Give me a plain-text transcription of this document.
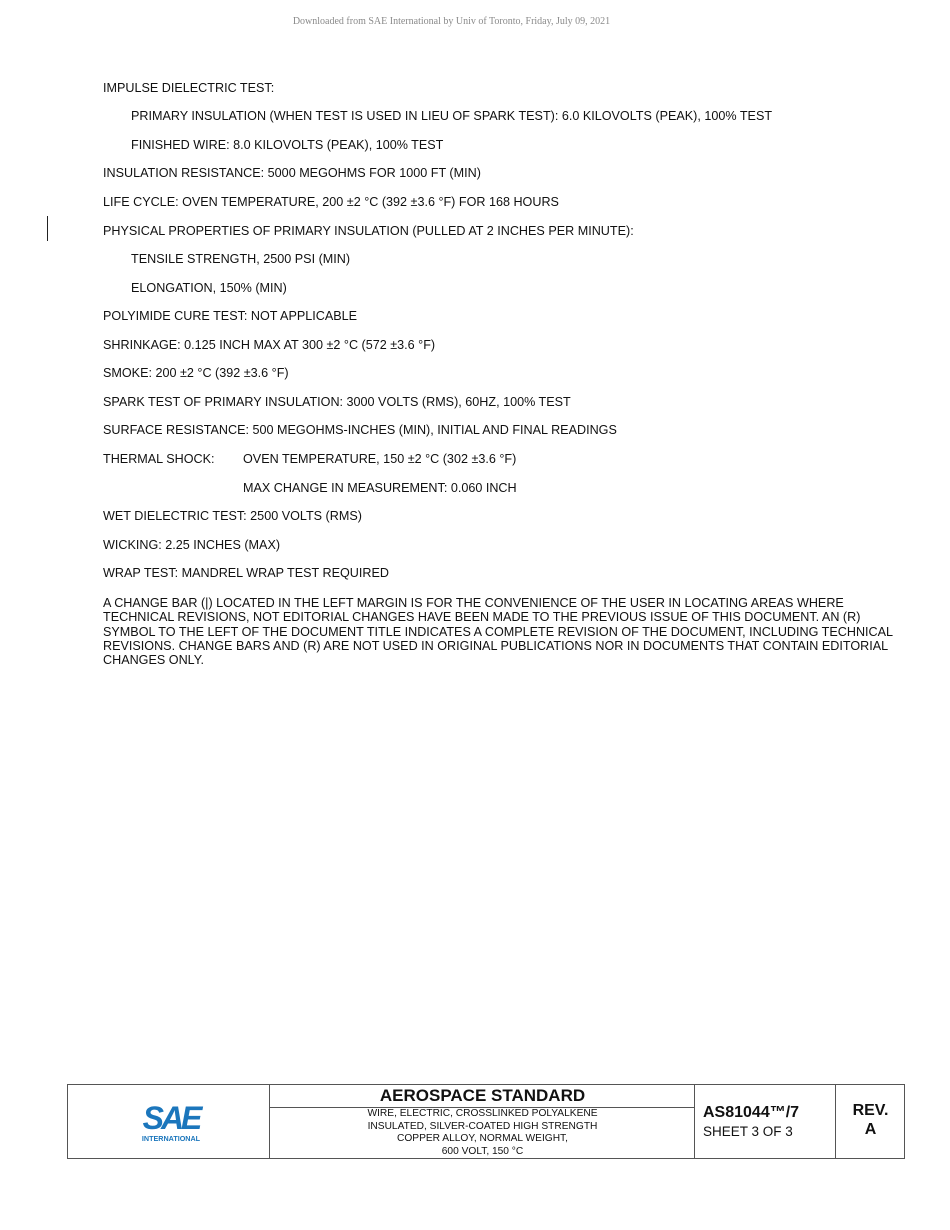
Downloaded from SAE International by Univ of Toronto, Friday, July 09, 2021
IMPULSE DIELECTRIC TEST:
PRIMARY INSULATION (WHEN TEST IS USED IN LIEU OF SPARK TEST): 6.0 KILOVOLTS (PEAK), 100% TEST
FINISHED WIRE: 8.0 KILOVOLTS (PEAK), 100% TEST
INSULATION RESISTANCE: 5000 MEGOHMS FOR 1000 FT (MIN)
LIFE CYCLE: OVEN TEMPERATURE, 200 ±2 °C (392 ±3.6 °F) FOR 168 HOURS
PHYSICAL PROPERTIES OF PRIMARY INSULATION (PULLED AT 2 INCHES PER MINUTE):
TENSILE STRENGTH, 2500 PSI (MIN)
ELONGATION, 150% (MIN)
POLYIMIDE CURE TEST: NOT APPLICABLE
SHRINKAGE: 0.125 INCH MAX AT 300 ±2 °C (572 ±3.6 °F)
SMOKE: 200 ±2 °C (392 ±3.6 °F)
SPARK TEST OF PRIMARY INSULATION: 3000 VOLTS (RMS), 60HZ, 100% TEST
SURFACE RESISTANCE: 500 MEGOHMS-INCHES (MIN), INITIAL AND FINAL READINGS
THERMAL SHOCK: OVEN TEMPERATURE, 150 ±2 °C (302 ±3.6 °F)
MAX CHANGE IN MEASUREMENT: 0.060 INCH
WET DIELECTRIC TEST: 2500 VOLTS (RMS)
WICKING: 2.25 INCHES (MAX)
WRAP TEST: MANDREL WRAP TEST REQUIRED
A CHANGE BAR (|) LOCATED IN THE LEFT MARGIN IS FOR THE CONVENIENCE OF THE USER IN LOCATING AREAS WHERE TECHNICAL REVISIONS, NOT EDITORIAL CHANGES HAVE BEEN MADE TO THE PREVIOUS ISSUE OF THIS DOCUMENT. AN (R) SYMBOL TO THE LEFT OF THE DOCUMENT TITLE INDICATES A COMPLETE REVISION OF THE DOCUMENT, INCLUDING TECHNICAL REVISIONS. CHANGE BARS AND (R) ARE NOT USED IN ORIGINAL PUBLICATIONS NOR IN DOCUMENTS THAT CONTAIN EDITORIAL CHANGES ONLY.
SAE
INTERNATIONAL
AEROSPACE STANDARD
WIRE, ELECTRIC, CROSSLINKED POLYALKENE
INSULATED, SILVER-COATED HIGH STRENGTH
COPPER ALLOY, NORMAL WEIGHT,
600 VOLT, 150 °C
AS81044™/7
SHEET 3 OF 3
REV.
A
